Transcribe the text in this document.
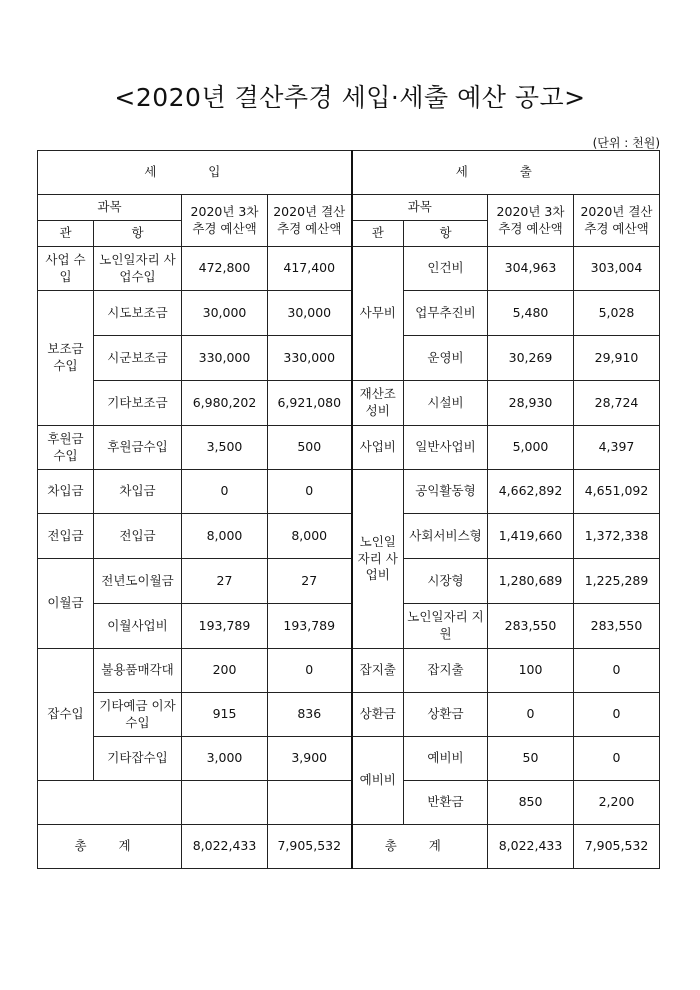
<2020년 결산추경 세입·세출 예산 공고>
(단위 : 천원)
세 입				세 출			
과목		2020년 3차 추경 예산액	2020년 결산 추경 예산액	과목		2020년 3차 추경 예산액	2020년 결산 추경 예산액
관	항			관	항		
사업 수입	노인일자리 사업수입	472,800	417,400	사무비	인건비	304,963	303,004
보조금 수입	시도보조금	30,000	30,000		업무추진비	5,480	5,028
	시군보조금	330,000	330,000		운영비	30,269	29,910
	기타보조금	6,980,202	6,921,080	재산조 성비	시설비	28,930	28,724
후원금 수입	후원금수입	3,500	500	사업비	일반사업비	5,000	4,397
차입금	차입금	0	0	노인일 자리 사업비	공익활동형	4,662,892	4,651,092
전입금	전입금	8,000	8,000		사회서비스형	1,419,660	1,372,338
이월금	전년도이월금	27	27		시장형	1,280,689	1,225,289
	이월사업비	193,789	193,789		노인일자리 지원	283,550	283,550
잡수입	불용품매각대	200	0	잡지출	잡지출	100	0
	기타예금 이자수입	915	836	상환금	상환금	0	0
	기타잡수입	3,000	3,900	예비비	예비비	50	0
					반환금	850	2,200
총 계		8,022,433	7,905,532	총 계		8,022,433	7,905,532
